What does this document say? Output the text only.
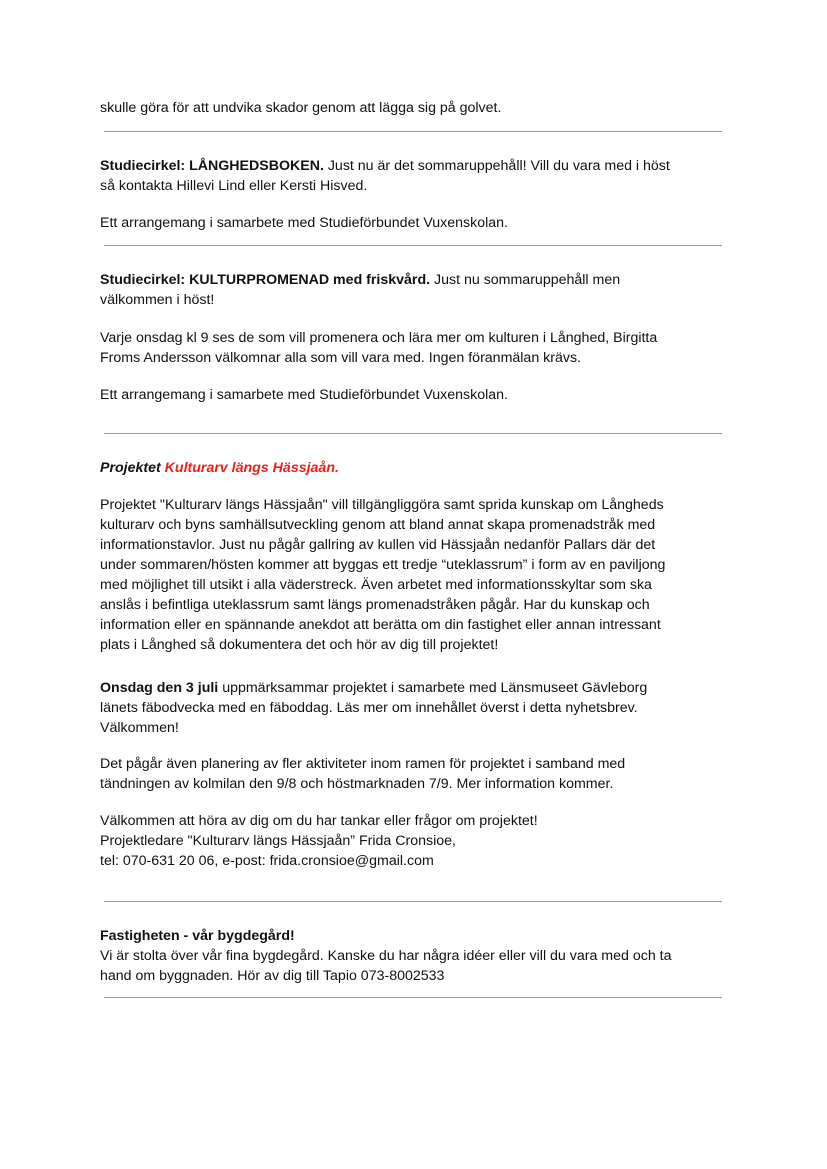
skulle göra för att undvika skador genom att lägga sig på golvet.

Studiecirkel: LÅNGHEDSBOKEN. Just nu är det sommaruppehåll! Vill du vara med i höst
så kontakta Hillevi Lind eller Kersti Hisved.

Ett arrangemang i samarbete med Studieförbundet Vuxenskolan.

Studiecirkel: KULTURPROMENAD med friskvård. Just nu sommaruppehåll men
välkommen i höst!

Varje onsdag kl 9 ses de som vill promenera och lära mer om kulturen i Långhed, Birgitta
Froms Andersson välkomnar alla som vill vara med. Ingen föranmälan krävs.

Ett arrangemang i samarbete med Studieförbundet Vuxenskolan.

Projektet Kulturarv längs Hässjaån.

Projektet "Kulturarv längs Hässjaån" vill tillgängliggöra samt sprida kunskap om Långheds
kulturarv och byns samhällsutveckling genom att bland annat skapa promenadstråk med
informationstavlor. Just nu pågår gallring av kullen vid Hässjaån nedanför Pallars där det
under sommaren/hösten kommer att byggas ett tredje “uteklassrum” i form av en paviljong
med möjlighet till utsikt i alla väderstreck. Även arbetet med informationsskyltar som ska
anslås i befintliga uteklassrum samt längs promenadstråken pågår. Har du kunskap och
information eller en spännande anekdot att berätta om din fastighet eller annan intressant
plats i Långhed så dokumentera det och hör av dig till projektet!

Onsdag den 3 juli uppmärksammar projektet i samarbete med Länsmuseet Gävleborg
länets fäbodvecka med en fäboddag. Läs mer om innehållet överst i detta nyhetsbrev.
Välkommen!

Det pågår även planering av fler aktiviteter inom ramen för projektet i samband med
tändningen av kolmilan den 9/8 och höstmarknaden 7/9. Mer information kommer.

Välkommen att höra av dig om du har tankar eller frågor om projektet!
Projektledare "Kulturarv längs Hässjaån” Frida Cronsioe,
tel: 070-631 20 06, e-post: frida.cronsioe@gmail.com

Fastigheten - vår bygdegård!
Vi är stolta över vår fina bygdegård. Kanske du har några idéer eller vill du vara med och ta
hand om byggnaden. Hör av dig till Tapio 073-8002533
